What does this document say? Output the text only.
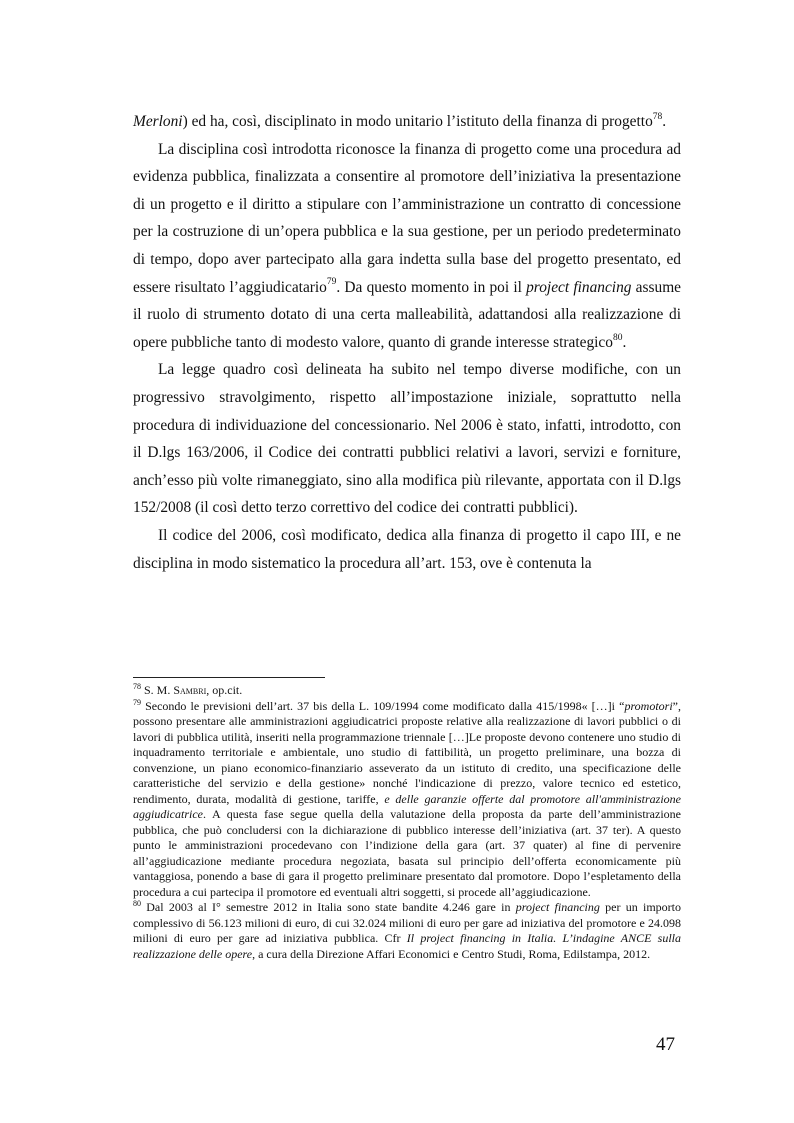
Merloni) ed ha, così, disciplinato in modo unitario l’istituto della finanza di progetto$^{78}$.

La disciplina così introdotta riconosce la finanza di progetto come una procedura ad evidenza pubblica, finalizzata a consentire al promotore dell’iniziativa la presentazione di un progetto e il diritto a stipulare con l’amministrazione un contratto di concessione per la costruzione di un’opera pubblica e la sua gestione, per un periodo predeterminato di tempo, dopo aver partecipato alla gara indetta sulla base del progetto presentato, ed essere risultato l’aggiudicatario$^{79}$. Da questo momento in poi il project financing assume il ruolo di strumento dotato di una certa malleabilità, adattandosi alla realizzazione di opere pubbliche tanto di modesto valore, quanto di grande interesse strategico$^{80}$.

La legge quadro così delineata ha subito nel tempo diverse modifiche, con un progressivo stravolgimento, rispetto all’impostazione iniziale, soprattutto nella procedura di individuazione del concessionario. Nel 2006 è stato, infatti, introdotto, con il D.lgs 163/2006, il Codice dei contratti pubblici relativi a lavori, servizi e forniture, anch’esso più volte rimaneggiato, sino alla modifica più rilevante, apportata con il D.lgs 152/2008 (il così detto terzo correttivo del codice dei contratti pubblici).

Il codice del 2006, così modificato, dedica alla finanza di progetto il capo III, e ne disciplina in modo sistematico la procedura all’art. 153, ove è contenuta la

$^{78}$ S. M. Sambri, op.cit.

$^{79}$ Secondo le previsioni dell’art. 37 bis della L. 109/1994 come modificato dalla 415/1998« […]i “promotori”, possono presentare alle amministrazioni aggiudicatrici proposte relative alla realizzazione di lavori pubblici o di lavori di pubblica utilità, inseriti nella programmazione triennale […]Le proposte devono contenere uno studio di inquadramento territoriale e ambientale, uno studio di fattibilità, un progetto preliminare, una bozza di convenzione, un piano economico-finanziario asseverato da un istituto di credito, una specificazione delle caratteristiche del servizio e della gestione» nonché l'indicazione di prezzo, valore tecnico ed estetico, rendimento, durata, modalità di gestione, tariffe, e delle garanzie offerte dal promotore all'amministrazione aggiudicatrice. A questa fase segue quella della valutazione della proposta da parte dell’amministrazione pubblica, che può concludersi con la dichiarazione di pubblico interesse dell’iniziativa (art. 37 ter). A questo punto le amministrazioni procedevano con l’indizione della gara (art. 37 quater) al fine di pervenire all’aggiudicazione mediante procedura negoziata, basata sul principio dell’offerta economicamente più vantaggiosa, ponendo a base di gara il progetto preliminare presentato dal promotore. Dopo l’espletamento della procedura a cui partecipa il promotore ed eventuali altri soggetti, si procede all’aggiudicazione.

$^{80}$ Dal 2003 al I° semestre 2012 in Italia sono state bandite 4.246 gare in project financing per un importo complessivo di 56.123 milioni di euro, di cui 32.024 milioni di euro per gare ad iniziativa del promotore e 24.098 milioni di euro per gare ad iniziativa pubblica. Cfr Il project financing in Italia. L’indagine ANCE sulla realizzazione delle opere, a cura della Direzione Affari Economici e Centro Studi, Roma, Edilstampa, 2012.

47
